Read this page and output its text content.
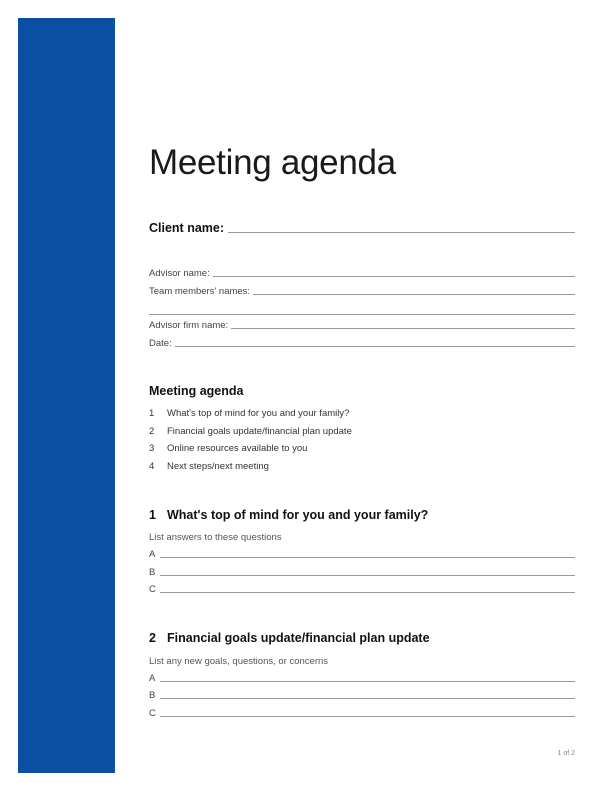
Meeting agenda
Client name:
Advisor name:
Team members' names:
Advisor firm name:
Date:
Meeting agenda
1	What's top of mind for you and your family?
2	Financial goals update/financial plan update
3	Online resources available to you
4	Next steps/next meeting
1 What's top of mind for you and your family?
List answers to these questions
A
B
C
2 Financial goals update/financial plan update
List any new goals, questions, or concerns
A
B
C
1 of 2
